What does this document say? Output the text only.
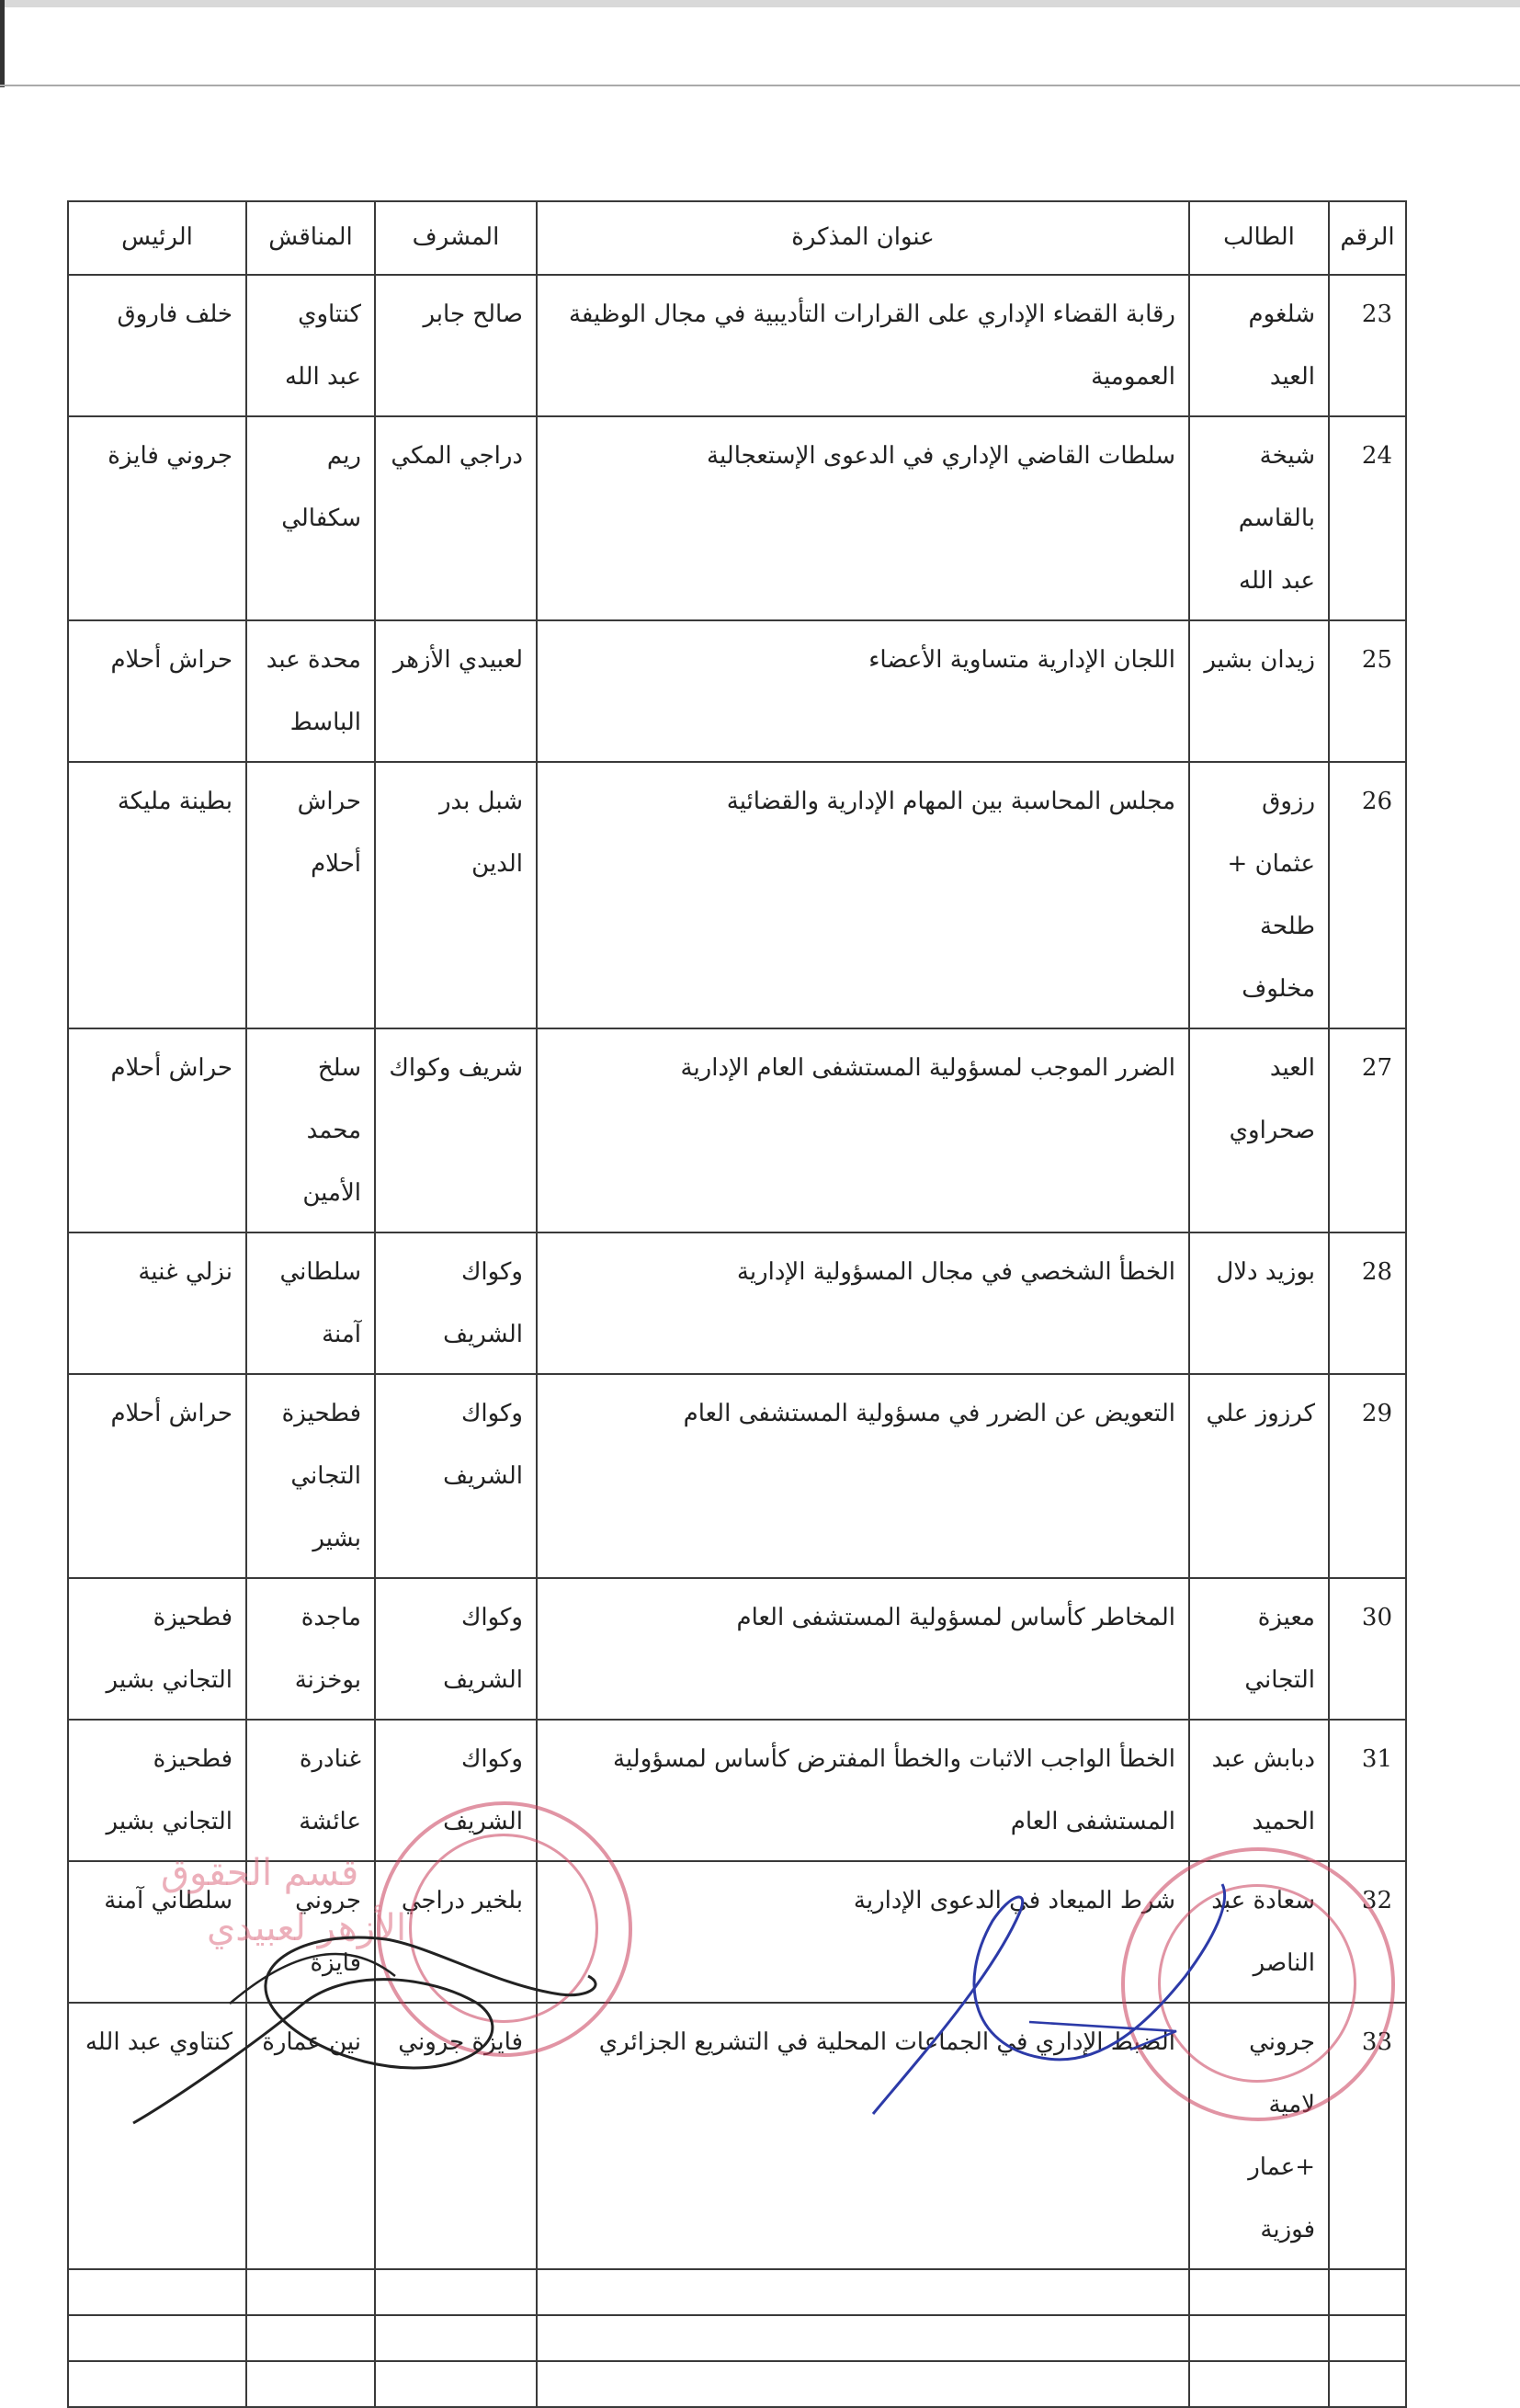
الرقم	الطالب	عنوان المذكرة	المشرف	المناقش	الرئيس
23	شلغوم العيد	رقابة القضاء الإداري على القرارات التأديبية في مجال الوظيفة العمومية	صالح جابر	كنتاوي عبد الله	خلف فاروق
24	شيخة بالقاسم عبد الله	سلطات القاضي الإداري في الدعوى الإستعجالية	دراجي المكي	ريم سكفالي	جروني فايزة
25	زيدان بشير	اللجان الإدارية متساوية الأعضاء	لعبيدي الأزهر	محدة عبد الباسط	حراش أحلام
26	رزوق عثمان + طلحة مخلوف	مجلس المحاسبة بين المهام الإدارية والقضائية	شبل بدر الدين	حراش أحلام	بطينة مليكة
27	العيد صحراوي	الضرر الموجب لمسؤولية المستشفى العام الإدارية	شريف وكواك	سلخ محمد الأمين	حراش أحلام
28	بوزيد دلال	الخطأ الشخصي في مجال المسؤولية الإدارية	وكواك الشريف	سلطاني آمنة	نزلي غنية
29	كرزوز علي	التعويض عن الضرر في مسؤولية المستشفى العام	وكواك الشريف	فطحيزة التجاني بشير	حراش أحلام
30	معيزة التجاني	المخاطر كأساس لمسؤولية المستشفى العام	وكواك الشريف	ماجدة بوخزنة	فطحيزة التجاني بشير
31	دبابش عبد الحميد	الخطأ الواجب الاثبات والخطأ المفترض كأساس لمسؤولية المستشفى العام	وكواك الشريف	غنادرة عائشة	فطحيزة التجاني بشير
32	سعادة عبد الناصر	شرط الميعاد في الدعوى الإدارية	بلخير دراجي	جروني فايزة	سلطاني آمنة
33	جروني لامية +عمار فوزية	الضبط الإداري في الجماعات المحلية في التشريع الجزائري	فايزة جروني	نين عمارة	كنتاوي عبد الله

قسم الحقوق
الأزهر لعبيدي
